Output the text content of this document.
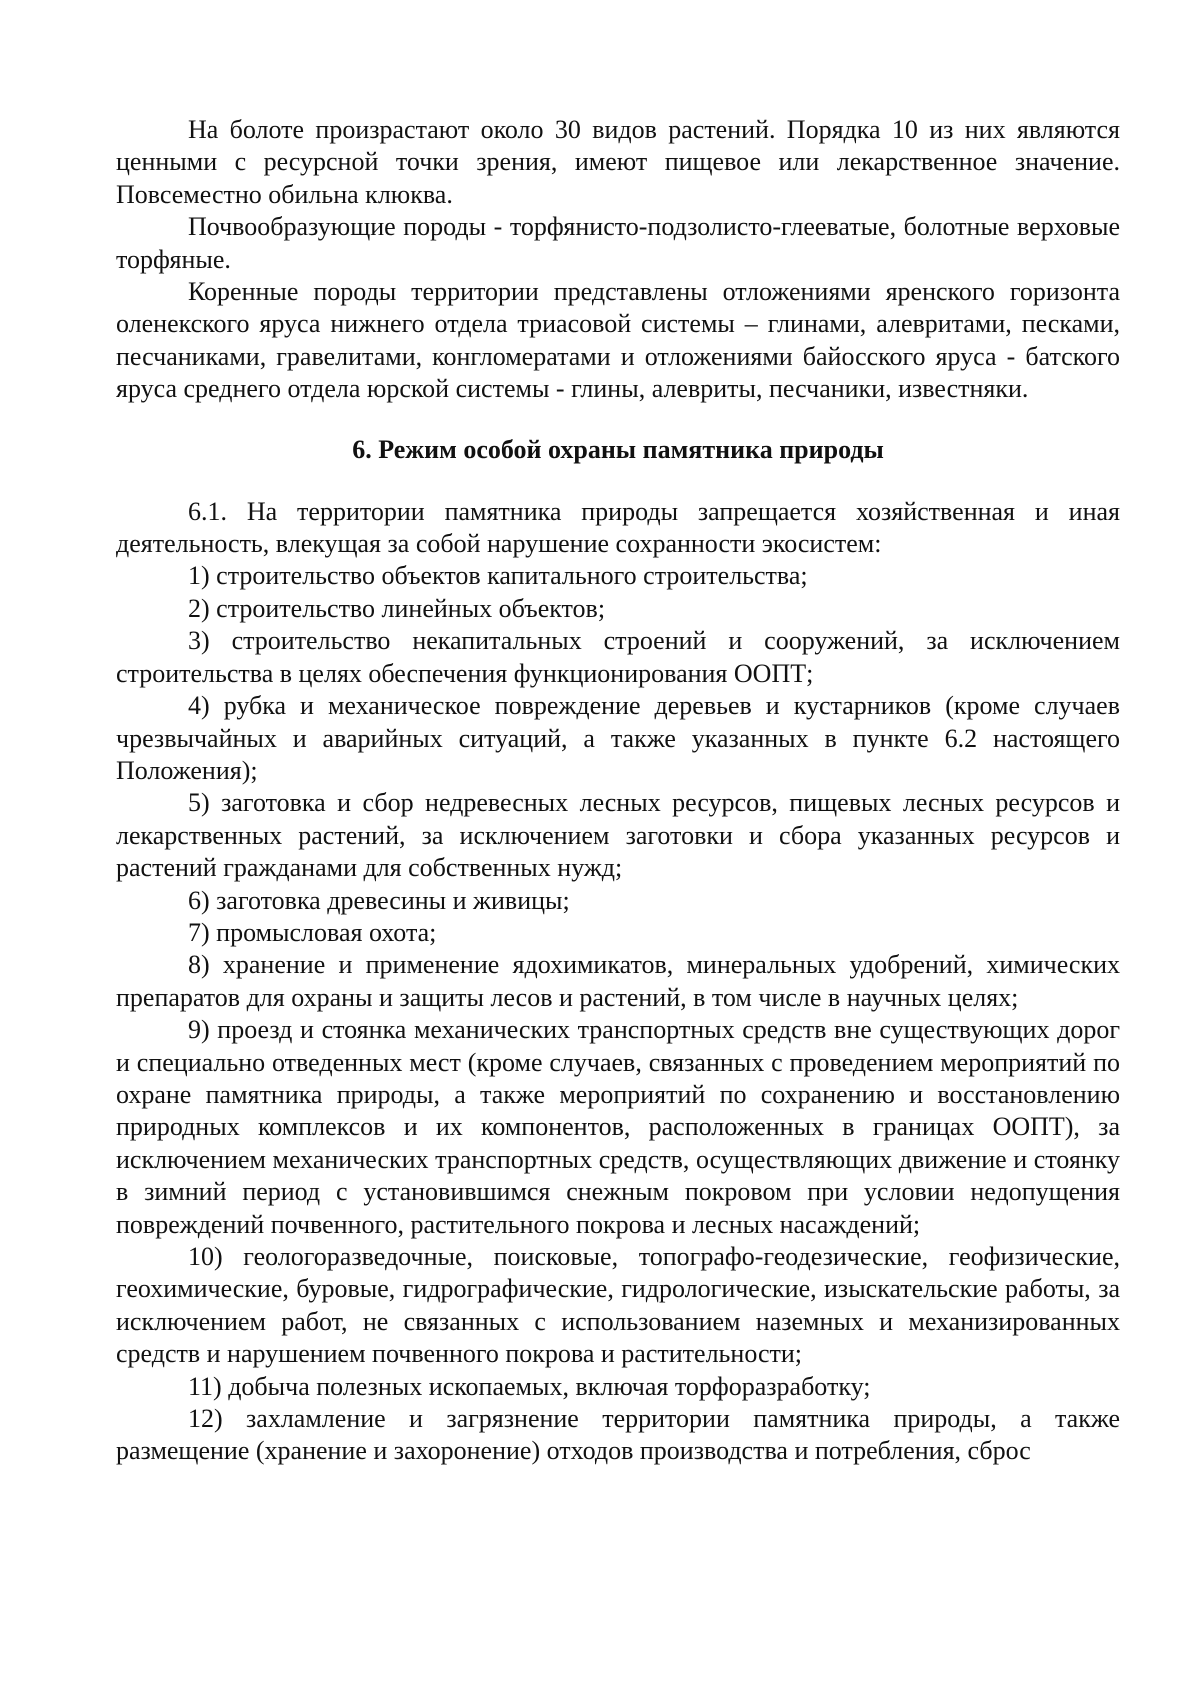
На болоте произрастают около 30 видов растений. Порядка 10 из них являются ценными с ресурсной точки зрения, имеют пищевое или лекарственное значение. Повсеместно обильна клюква.

Почвообразующие породы - торфянисто-подзолисто-глееватые, болотные верховые торфяные.

Коренные породы территории представлены отложениями яренского горизонта оленекского яруса нижнего отдела триасовой системы – глинами, алевритами, песками, песчаниками, гравелитами, конгломератами и отложениями байосского яруса - батского яруса среднего отдела юрской системы - глины, алевриты, песчаники, известняки.

6. Режим особой охраны памятника природы

6.1. На территории памятника природы запрещается хозяйственная и иная деятельность, влекущая за собой нарушение сохранности экосистем:

1) строительство объектов капитального строительства;

2) строительство линейных объектов;

3) строительство некапитальных строений и сооружений, за исключением строительства в целях обеспечения функционирования ООПТ;

4) рубка и механическое повреждение деревьев и кустарников (кроме случаев чрезвычайных и аварийных ситуаций, а также указанных в пункте 6.2 настоящего Положения);

5) заготовка и сбор недревесных лесных ресурсов, пищевых лесных ресурсов и лекарственных растений, за исключением заготовки и сбора указанных ресурсов и растений гражданами для собственных нужд;

6) заготовка древесины и живицы;

7) промысловая охота;

8) хранение и применение ядохимикатов, минеральных удобрений, химических препаратов для охраны и защиты лесов и растений, в том числе в научных целях;

9) проезд и стоянка механических транспортных средств вне существующих дорог и специально отведенных мест (кроме случаев, связанных с проведением мероприятий по охране памятника природы, а также мероприятий по сохранению и восстановлению природных комплексов и их компонентов, расположенных в границах ООПТ), за исключением механических транспортных средств, осуществляющих движение и стоянку в зимний период с установившимся снежным покровом при условии недопущения повреждений почвенного, растительного покрова и лесных насаждений;

10) геологоразведочные, поисковые, топографо-геодезические, геофизические, геохимические, буровые, гидрографические, гидрологические, изыскательские работы, за исключением работ, не связанных с использованием наземных и механизированных средств и нарушением почвенного покрова и растительности;

11) добыча полезных ископаемых, включая торфоразработку;

12) захламление и загрязнение территории памятника природы, а также размещение (хранение и захоронение) отходов производства и потребления, сброс
